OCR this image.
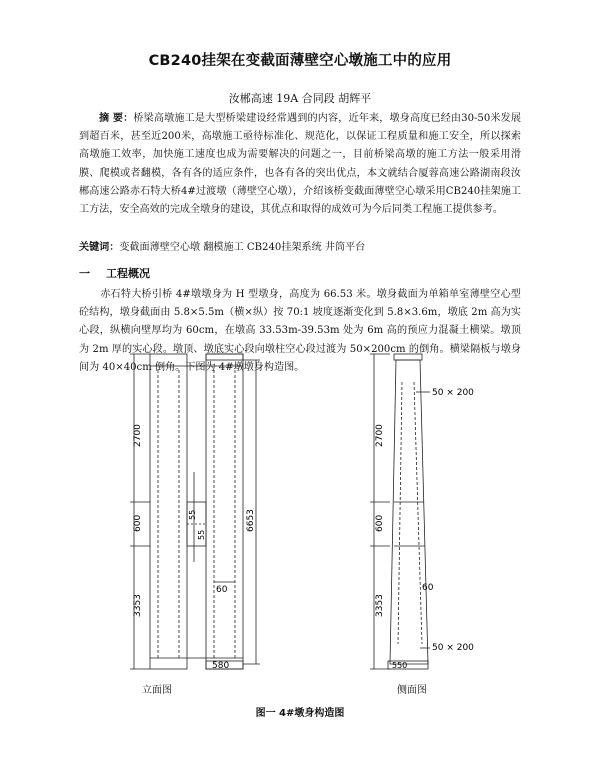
CB240挂架在变截面薄壁空心墩施工中的应用
汝郴高速 19A 合同段 胡辉平
摘 要：桥梁高墩施工是大型桥梁建设经常遇到的内容，近年来，墩身高度已经由30-50米发展到超百米，甚至近200米，高墩施工亟待标准化、规范化，以保证工程质量和施工安全，所以探索高墩施工效率，加快施工速度也成为需要解决的问题之一，目前桥梁高墩的施工方法一般采用滑膜、爬模或者翻模，各有各的适应条件，也各有各的突出优点，本文就结合厦蓉高速公路湖南段汝郴高速公路赤石特大桥4#过渡墩（薄壁空心墩），介绍该桥变截面薄壁空心墩采用CB240挂架施工工方法，安全高效的完成全墩身的建设，其优点和取得的成效可为今后同类工程施工提供参考。
关键词：变截面薄壁空心墩 翻模施工 CB240挂架系统 井筒平台
一 工程概况
赤石特大桥引桥 4#墩墩身为 H 型墩身，高度为 66.53 米。墩身截面为单箱单室薄壁空心型砼结构，墩身截面由 5.8×5.5m（横×纵）按 70:1 坡度逐渐变化到 5.8×3.6m，墩底 2m 高为实心段，纵横向壁厚均为 60cm，在墩高 33.53m-39.53m 处为 6m 高的预应力混凝土横梁。墩顶为 2m 厚的实心段。墩顶、墩底实心段向墩柱空心段过渡为 50×200cm 的倒角。横梁隔板与墩身间为 40×40cm 倒角。下图为 4#墩墩身构造图。
580
2700
600
3353
6653
55
55
60
立面图
550
2700
600
3353
60
50 × 200
50 × 200
侧面图
图一 4#墩身构造图
